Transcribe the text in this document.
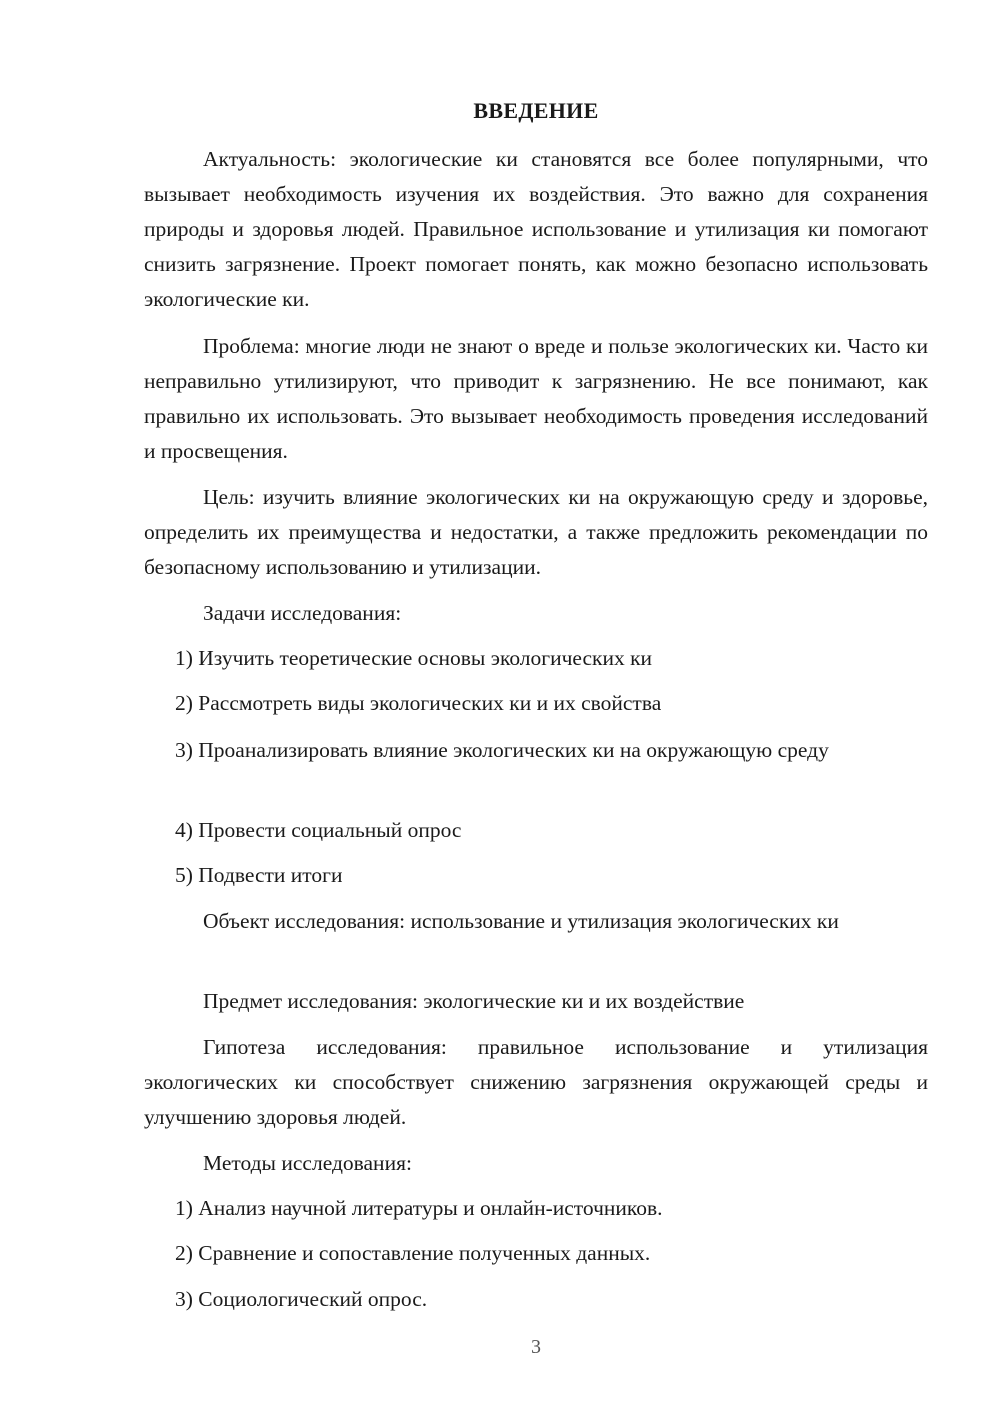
ВВЕДЕНИЕ

Актуальность: экологические ки становятся все более популярными, что вызывает необходимость изучения их воздействия. Это важно для сохранения природы и здоровья людей. Правильное использование и утилизация ки помогают снизить загрязнение. Проект помогает понять, как можно безопасно использовать экологические ки.

Проблема: многие люди не знают о вреде и пользе экологических ки. Часто ки неправильно утилизируют, что приводит к загрязнению. Не все понимают, как правильно их использовать. Это вызывает необходимость проведения исследований и просвещения.

Цель: изучить влияние экологических ки на окружающую среду и здоровье, определить их преимущества и недостатки, а также предложить рекомендации по безопасному использованию и утилизации.

Задачи исследования:

1) Изучить теоретические основы экологических ки

2) Рассмотреть виды экологических ки и их свойства

3) Проанализировать влияние экологических ки на окружающую среду

4) Провести социальный опрос

5) Подвести итоги

Объект исследования: использование и утилизация экологических ки

Предмет исследования: экологические ки и их воздействие

Гипотеза исследования: правильное использование и утилизация экологических ки способствует снижению загрязнения окружающей среды и улучшению здоровья людей.

Методы исследования:

1) Анализ научной литературы и онлайн-источников.

2) Сравнение и сопоставление полученных данных.

3) Социологический опрос.

3
